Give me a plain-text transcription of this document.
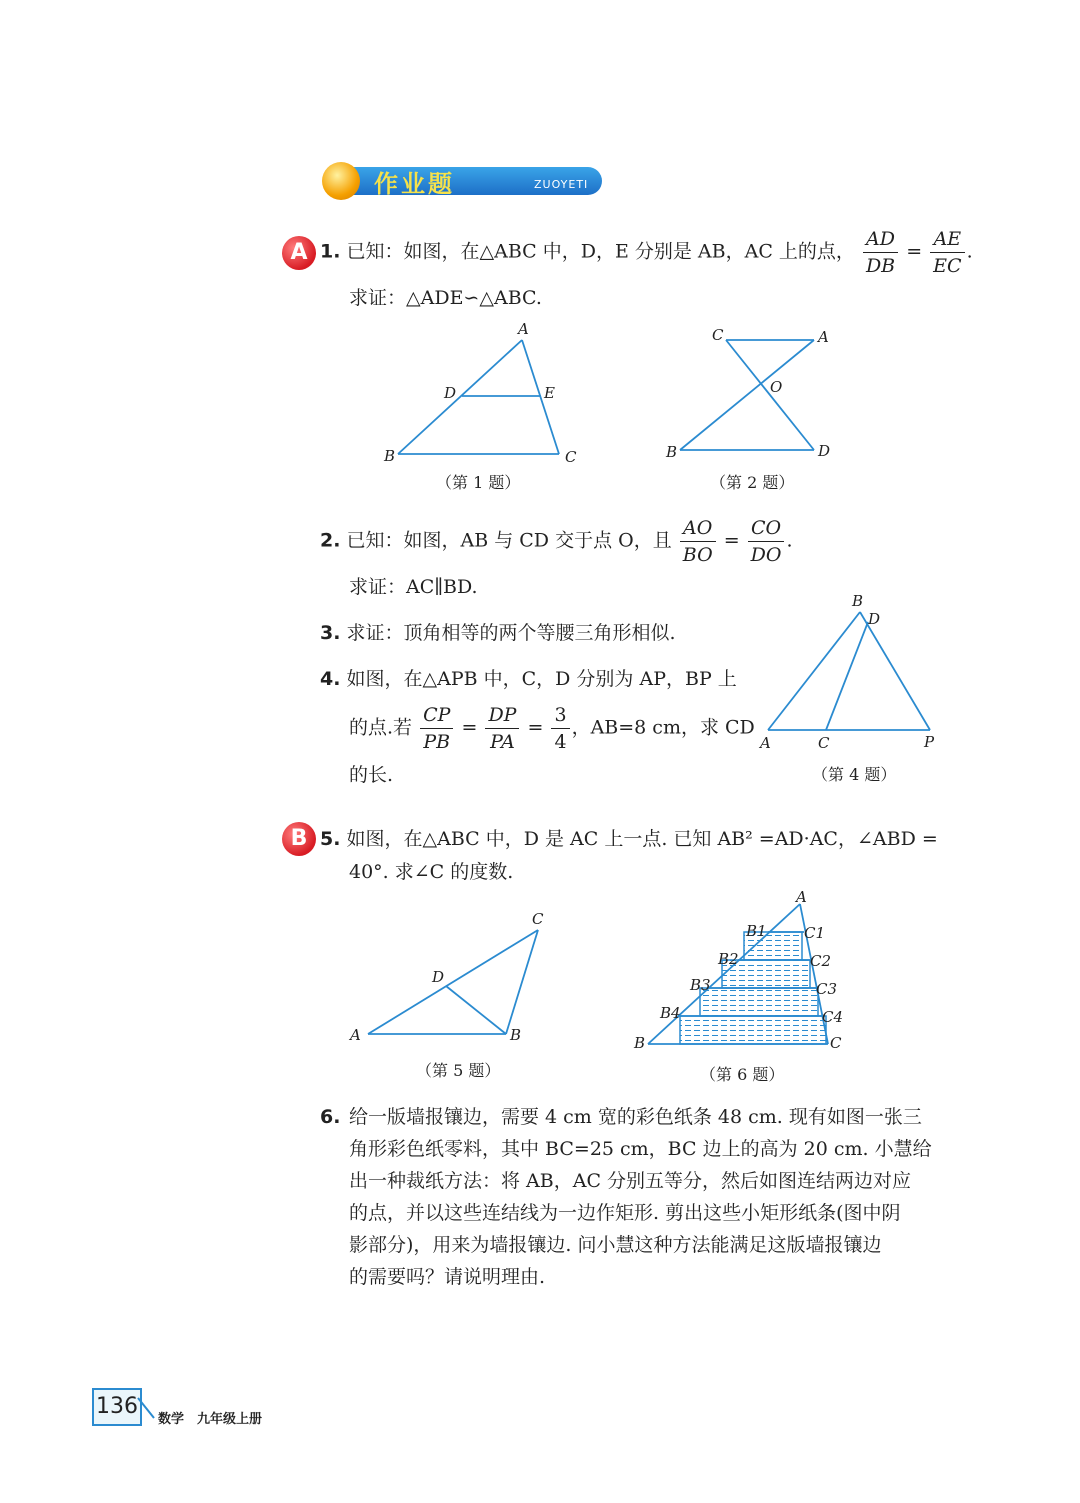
作业题	ZUOYETI
A 1. 已知：如图，在△ABC 中，D，E 分别是 AB，AC 上的点， $\frac{AD}{DB} = \frac{AE}{EC}$ .
求证：△ADE∽△ABC.
A
D	E
B	C
（第 1 题）
C	A
O
B	D
（第 2 题）
2. 已知：如图，AB 与 CD 交于点 O，且 $\frac{AO}{BO} = \frac{CO}{DO}$ .
求证：AC∥BD.
3. 求证：顶角相等的两个等腰三角形相似.
4. 如图，在△APB 中，C，D 分别为 AP，BP 上
的点.若 $\frac{CP}{PB} = \frac{DP}{PA} = \frac{3}{4}$ ，AB=8 cm，求 CD
的长.
B
D
A	C	P
（第 4 题）
B 5. 如图，在△ABC 中，D 是 AC 上一点. 已知 AB² =AD·AC，∠ABD =
40°. 求∠C 的度数.
C
D
A	B
（第 5 题）
A
B1
B2
B3
B4
C1
C2
C3
C4
B	C
（第 6 题）
6. 给一版墙报镶边，需要 4 cm 宽的彩色纸条 48 cm. 现有如图一张三
角形彩色纸零料，其中 BC=25 cm，BC 边上的高为 20 cm. 小慧给
出一种裁纸方法：将 AB，AC 分别五等分，然后如图连结两边对应
的点，并以这些连结线为一边作矩形. 剪出这些小矩形纸条(图中阴
影部分)，用来为墙报镶边. 问小慧这种方法能满足这版墙报镶边
的需要吗？请说明理由.
136
数学　九年级上册
